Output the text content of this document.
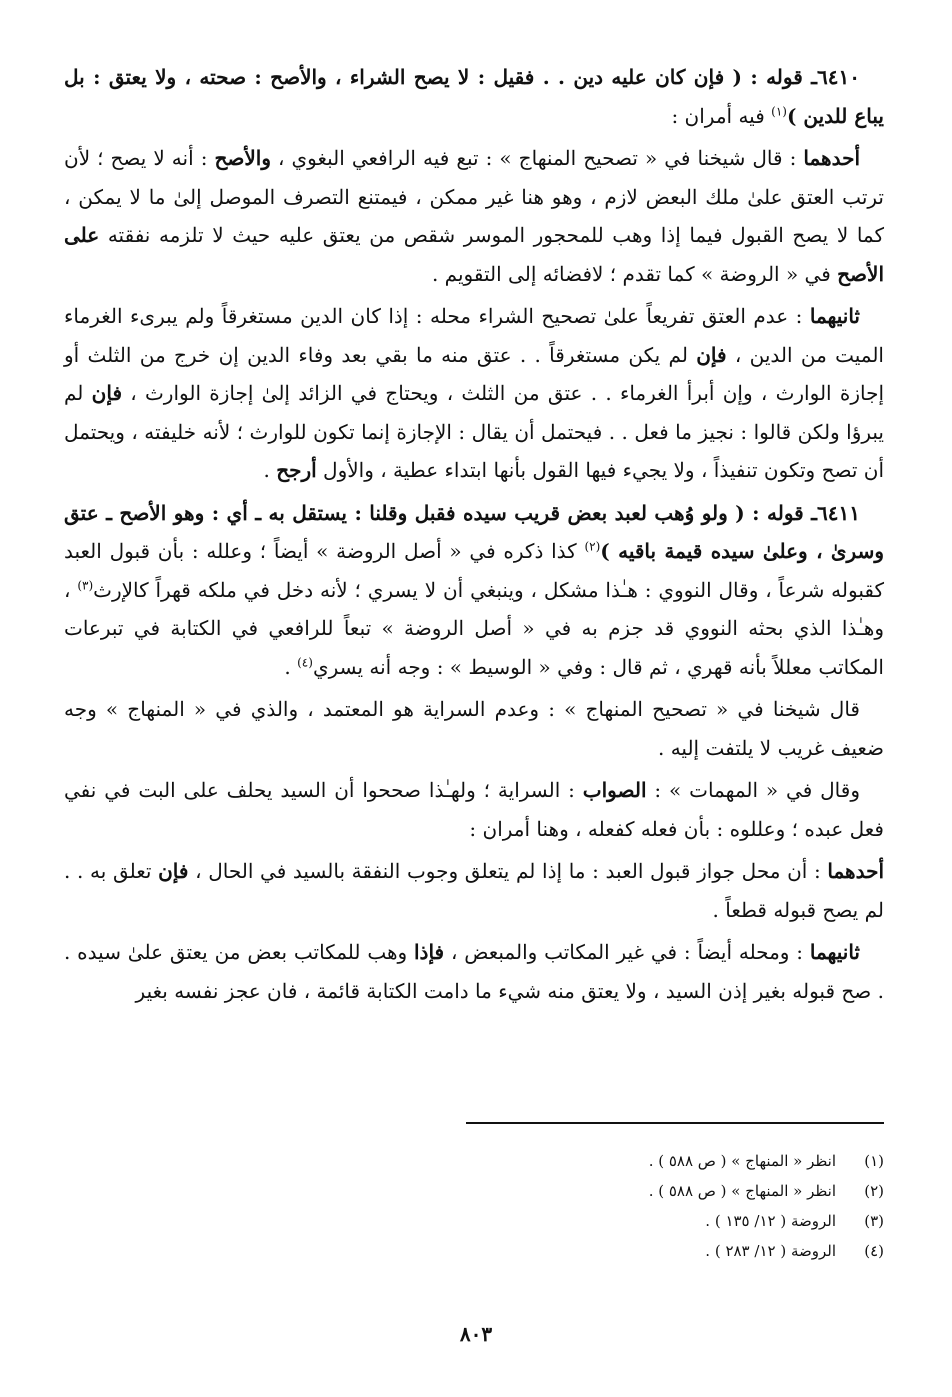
٦٤١٠ـ قوله : ( فإن كان عليه دين . . فقيل : لا يصح الشراء ، والأصح : صحته ، ولا يعتق : بل يباع للدين )$^{(١)}$ فيه أمران :

أحدهما : قال شيخنا في « تصحيح المنهاج » : تبع فيه الرافعي البغوي ، والأصح : أنه لا يصح ؛ لأن ترتب العتق علىٰ ملك البعض لازم ، وهو هنا غير ممكن ، فيمتنع التصرف الموصل إلىٰ ما لا يمكن ، كما لا يصح القبول فيما إذا وهب للمحجور الموسر شقص من يعتق عليه حيث لا تلزمه نفقته على الأصح في « الروضة » كما تقدم ؛ لافضائه إلى التقويم .

ثانيهما : عدم العتق تفريعاً علىٰ تصحيح الشراء محله : إذا كان الدين مستغرقاً ولم يبرىء الغرماء الميت من الدين ، فإن لم يكن مستغرقاً . . عتق منه ما بقي بعد وفاء الدين إن خرج من الثلث أو إجازة الوارث ، وإن أبرأ الغرماء . . عتق من الثلث ، ويحتاج في الزائد إلىٰ إجازة الوارث ، فإن لم يبرؤا ولكن قالوا : نجيز ما فعل . . فيحتمل أن يقال : الإجازة إنما تكون للوارث ؛ لأنه خليفته ، ويحتمل أن تصح وتكون تنفيذاً ، ولا يجيء فيها القول بأنها ابتداء عطية ، والأول أرجح .

٦٤١١ـ قوله : ( ولو وُهب لعبد بعض قريب سيده فقبل وقلنا : يستقل به ـ أي : وهو الأصح ـ عتق وسرىٰ ، وعلىٰ سيده قيمة باقيه )$^{(٢)}$ كذا ذكره في « أصل الروضة » أيضاً ؛ وعلله : بأن قبول العبد كقبوله شرعاً ، وقال النووي : هـٰذا مشكل ، وينبغي أن لا يسري ؛ لأنه دخل في ملكه قهراً كالإرث$^{(٣)}$ ، وهـٰذا الذي بحثه النووي قد جزم به في « أصل الروضة » تبعاً للرافعي في الكتابة في تبرعات المكاتب معللاً بأنه قهري ، ثم قال : وفي « الوسيط » : وجه أنه يسري$^{(٤)}$ .

قال شيخنا في « تصحيح المنهاج » : وعدم السراية هو المعتمد ، والذي في « المنهاج » وجه ضعيف غريب لا يلتفت إليه .

وقال في « المهمات » : الصواب : السراية ؛ ولهـٰذا صححوا أن السيد يحلف على البت في نفي فعل عبده ؛ وعللوه : بأن فعله كفعله ، وهنا أمران :

أحدهما : أن محل جواز قبول العبد : ما إذا لم يتعلق وجوب النفقة بالسيد في الحال ، فإن تعلق به . . لم يصح قبوله قطعاً .

ثانيهما : ومحله أيضاً : في غير المكاتب والمبعض ، فإذا وهب للمكاتب بعض من يعتق علىٰ سيده . . صح قبوله بغير إذن السيد ، ولا يعتق منه شيء ما دامت الكتابة قائمة ، فان عجز نفسه بغير

(١)انظر « المنهاج » ( ص ٥٨٨ ) .
(٢)انظر « المنهاج » ( ص ٥٨٨ ) .
(٣)الروضة ( ١٢/ ١٣٥ ) .
(٤)الروضة ( ١٢/ ٢٨٣ ) .
٨٠٣
